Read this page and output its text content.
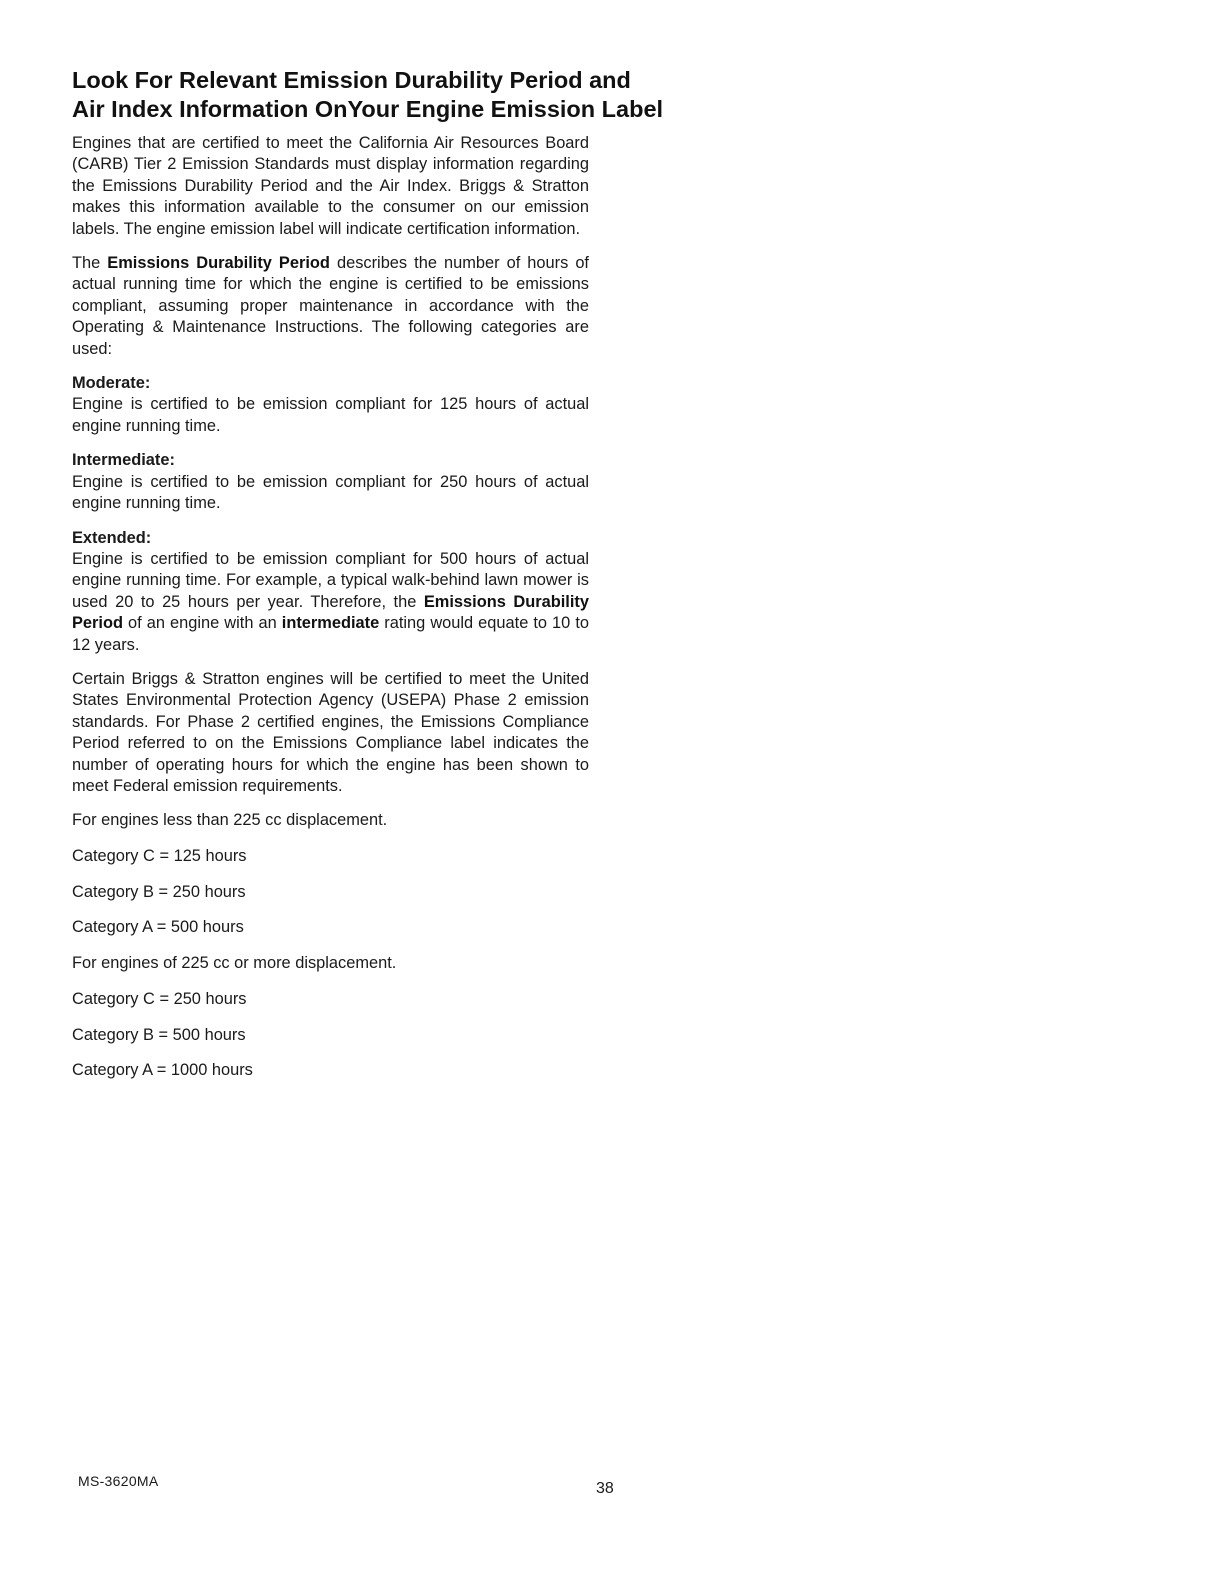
Look For Relevant Emission Durability Period and
Air Index Information OnYour Engine Emission Label

Engines that are certified to meet the California Air Resources Board (CARB) Tier 2 Emission Standards must display information regarding the Emissions Durability Period and the Air Index. Briggs & Stratton makes this information available to the consumer on our emission labels. The engine emission label will indicate certification information.

The Emissions Durability Period describes the number of hours of actual running time for which the engine is certified to be emissions compliant, assuming proper maintenance in accordance with the Operating & Maintenance Instructions. The following categories are used:

Moderate:

Engine is certified to be emission compliant for 125 hours of actual engine running time.

Intermediate:

Engine is certified to be emission compliant for 250 hours of actual engine running time.

Extended:

Engine is certified to be emission compliant for 500 hours of actual engine running time. For example, a typical walk-behind lawn mower is used 20 to 25 hours per year. Therefore, the Emissions Durability Period of an engine with an intermediate rating would equate to 10 to 12 years.

Certain Briggs & Stratton engines will be certified to meet the United States Environmental Protection Agency (USEPA) Phase 2 emission standards. For Phase 2 certified engines, the Emissions Compliance Period referred to on the Emissions Compliance label indicates the number of operating hours for which the engine has been shown to meet Federal emission requirements.

For engines less than 225 cc displacement.
Category C = 125 hours
Category B = 250 hours
Category A = 500 hours
For engines of 225 cc or more displacement.
Category C = 250 hours
Category B = 500 hours
Category A = 1000 hours
MS-3620MA	38
